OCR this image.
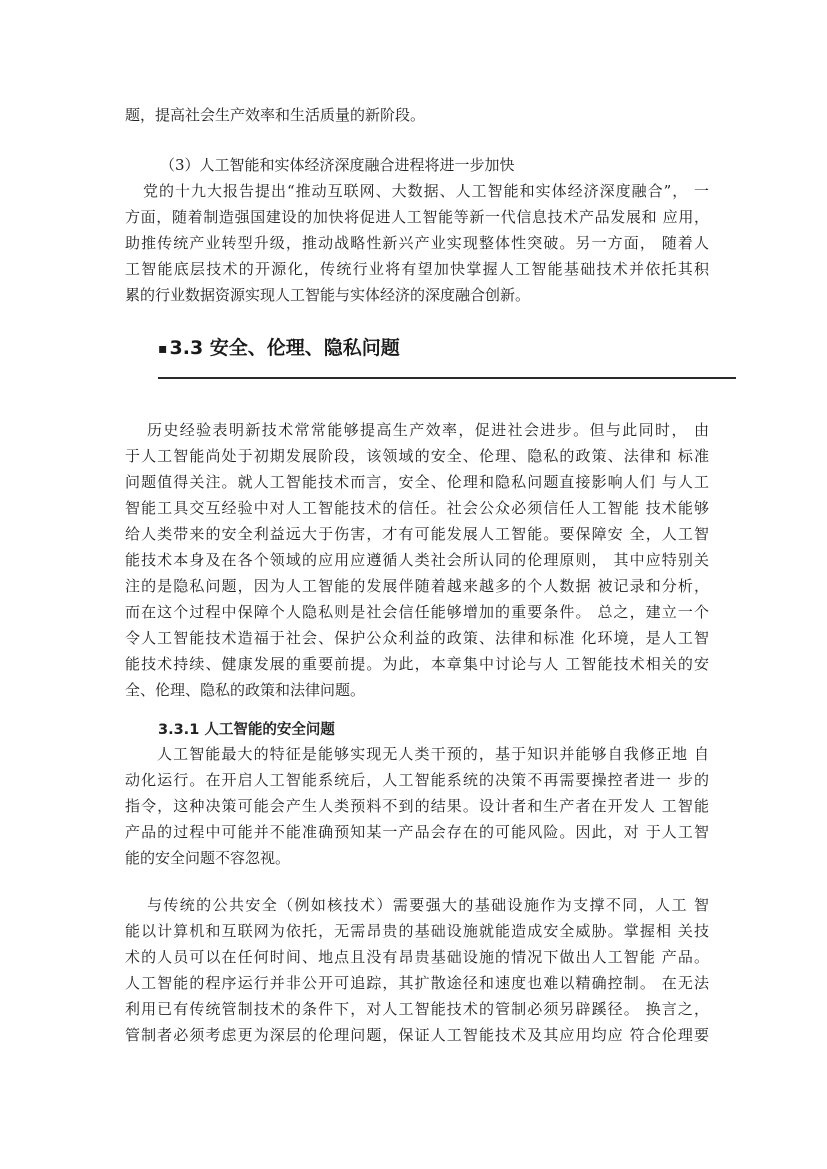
题，提高社会生产效率和生活质量的新阶段。
（3）人工智能和实体经济深度融合进程将进一步加快
党的十九大报告提出“推动互联网、大数据、人工智能和实体经济深度融合”， 一
方面，随着制造强国建设的加快将促进人工智能等新一代信息技术产品发展和 应用，
助推传统产业转型升级，推动战略性新兴产业实现整体性突破。另一方面， 随着人
工智能底层技术的开源化，传统行业将有望加快掌握人工智能基础技术并依托其积
累的行业数据资源实现人工智能与实体经济的深度融合创新。
▪ 3.3 安全、伦理、隐私问题
历史经验表明新技术常常能够提高生产效率，促进社会进步。但与此同时， 由
于人工智能尚处于初期发展阶段，该领域的安全、伦理、隐私的政策、法律和 标准
问题值得关注。就人工智能技术而言，安全、伦理和隐私问题直接影响人们 与人工
智能工具交互经验中对人工智能技术的信任。社会公众必须信任人工智能 技术能够
给人类带来的安全利益远大于伤害，才有可能发展人工智能。要保障安 全，人工智
能技术本身及在各个领域的应用应遵循人类社会所认同的伦理原则， 其中应特别关
注的是隐私问题，因为人工智能的发展伴随着越来越多的个人数据 被记录和分析，
而在这个过程中保障个人隐私则是社会信任能够增加的重要条件。 总之，建立一个
令人工智能技术造福于社会、保护公众利益的政策、法律和标准 化环境，是人工智
能技术持续、健康发展的重要前提。为此，本章集中讨论与人 工智能技术相关的安
全、伦理、隐私的政策和法律问题。
3.3.1 人工智能的安全问题
人工智能最大的特征是能够实现无人类干预的，基于知识并能够自我修正地 自
动化运行。在开启人工智能系统后，人工智能系统的决策不再需要操控者进一 步的
指令，这种决策可能会产生人类预料不到的结果。设计者和生产者在开发人 工智能
产品的过程中可能并不能准确预知某一产品会存在的可能风险。因此，对 于人工智
能的安全问题不容忽视。
与传统的公共安全（例如核技术）需要强大的基础设施作为支撑不同，人工 智
能以计算机和互联网为依托，无需昂贵的基础设施就能造成安全威胁。掌握相 关技
术的人员可以在任何时间、地点且没有昂贵基础设施的情况下做出人工智能 产品。
人工智能的程序运行并非公开可追踪，其扩散途径和速度也难以精确控制。 在无法
利用已有传统管制技术的条件下，对人工智能技术的管制必须另辟蹊径。 换言之，
管制者必须考虑更为深层的伦理问题，保证人工智能技术及其应用均应 符合伦理要
